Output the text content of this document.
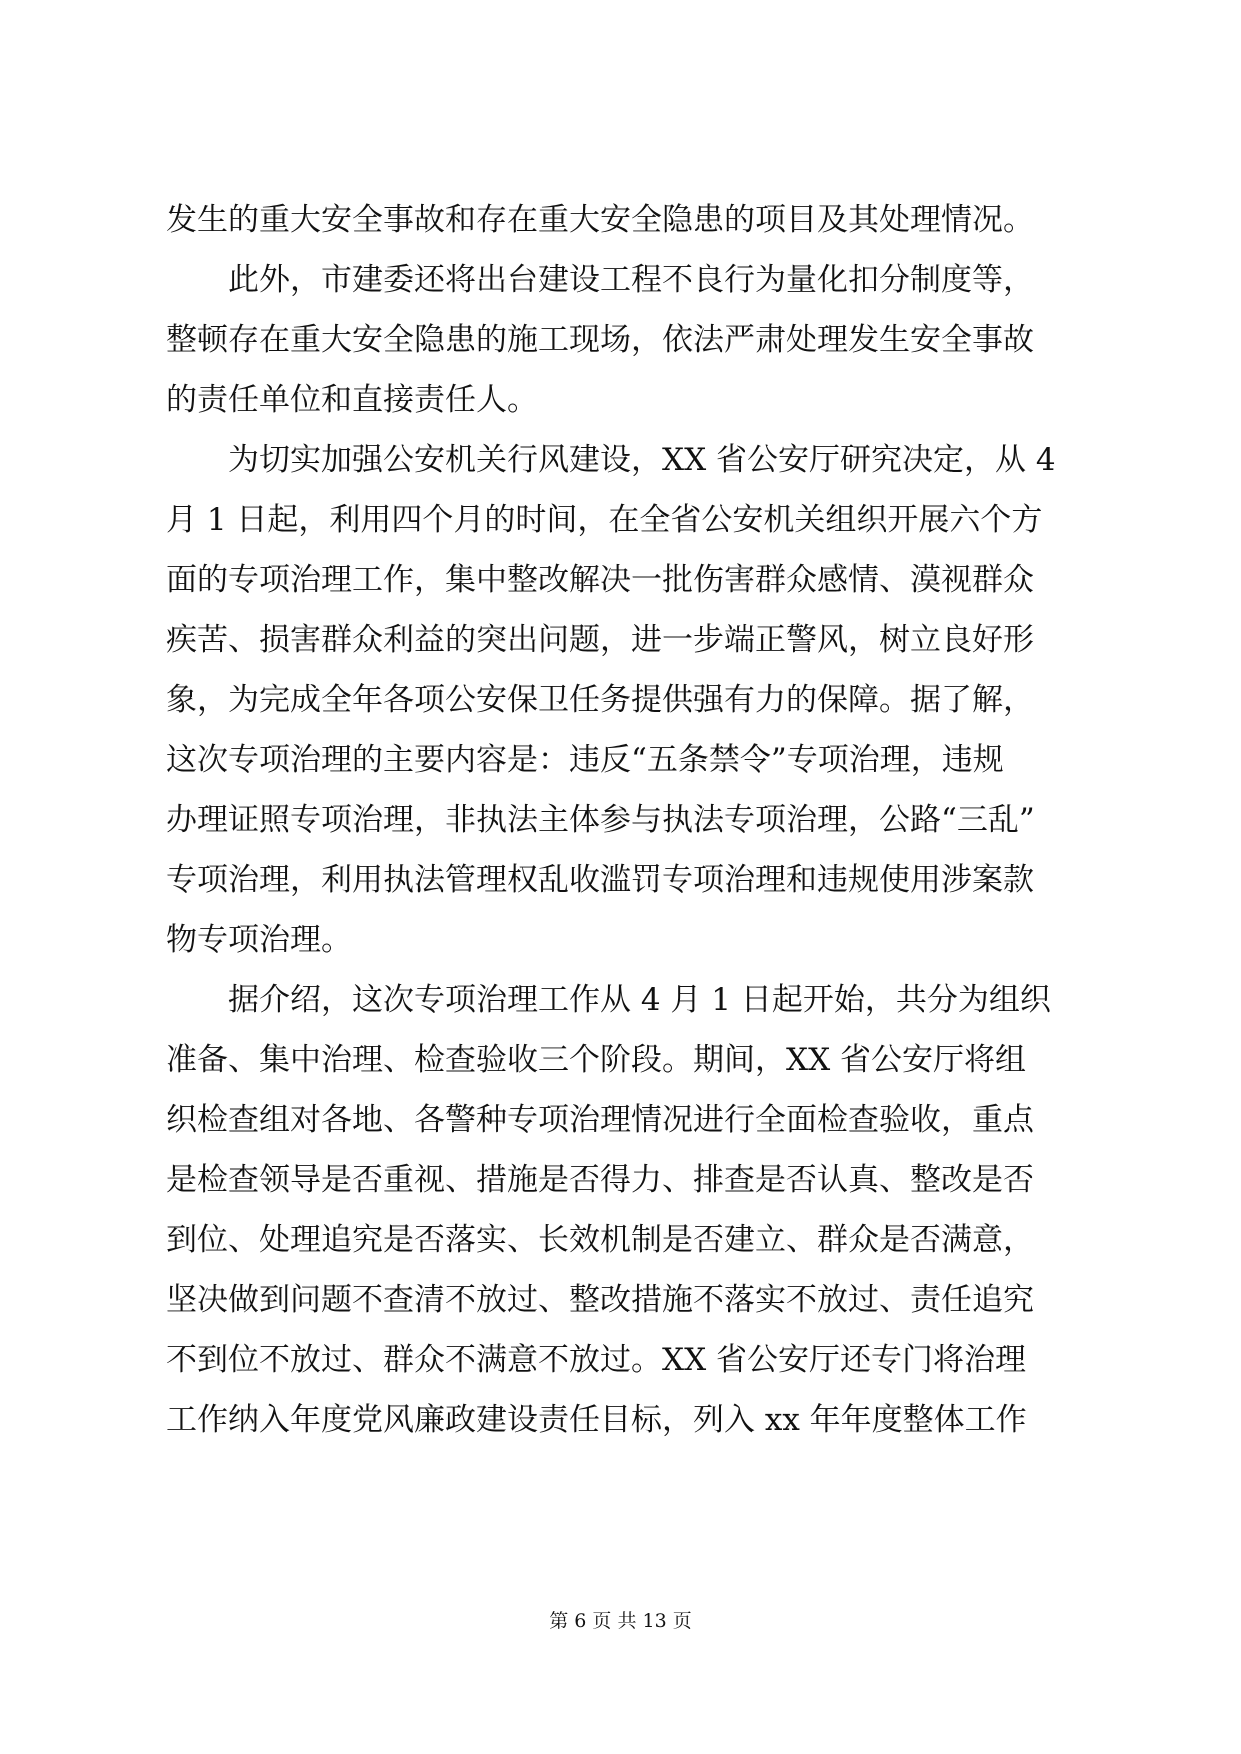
发生的重大安全事故和存在重大安全隐患的项目及其处理情况。
此外，市建委还将出台建设工程不良行为量化扣分制度等，
整顿存在重大安全隐患的施工现场，依法严肃处理发生安全事故
的责任单位和直接责任人。
为切实加强公安机关行风建设，XX 省公安厅研究决定，从 4
月 1 日起，利用四个月的时间，在全省公安机关组织开展六个方
面的专项治理工作，集中整改解决一批伤害群众感情、漠视群众
疾苦、损害群众利益的突出问题，进一步端正警风，树立良好形
象，为完成全年各项公安保卫任务提供强有力的保障。据了解，
这次专项治理的主要内容是：违反“五条禁令”专项治理，违规
办理证照专项治理，非执法主体参与执法专项治理，公路“三乱”
专项治理，利用执法管理权乱收滥罚专项治理和违规使用涉案款
物专项治理。
据介绍，这次专项治理工作从 4 月 1 日起开始，共分为组织
准备、集中治理、检查验收三个阶段。期间，XX 省公安厅将组
织检查组对各地、各警种专项治理情况进行全面检查验收，重点
是检查领导是否重视、措施是否得力、排查是否认真、整改是否
到位、处理追究是否落实、长效机制是否建立、群众是否满意，
坚决做到问题不查清不放过、整改措施不落实不放过、责任追究
不到位不放过、群众不满意不放过。XX 省公安厅还专门将治理
工作纳入年度党风廉政建设责任目标，列入 xx 年年度整体工作
第 6 页 共 13 页
